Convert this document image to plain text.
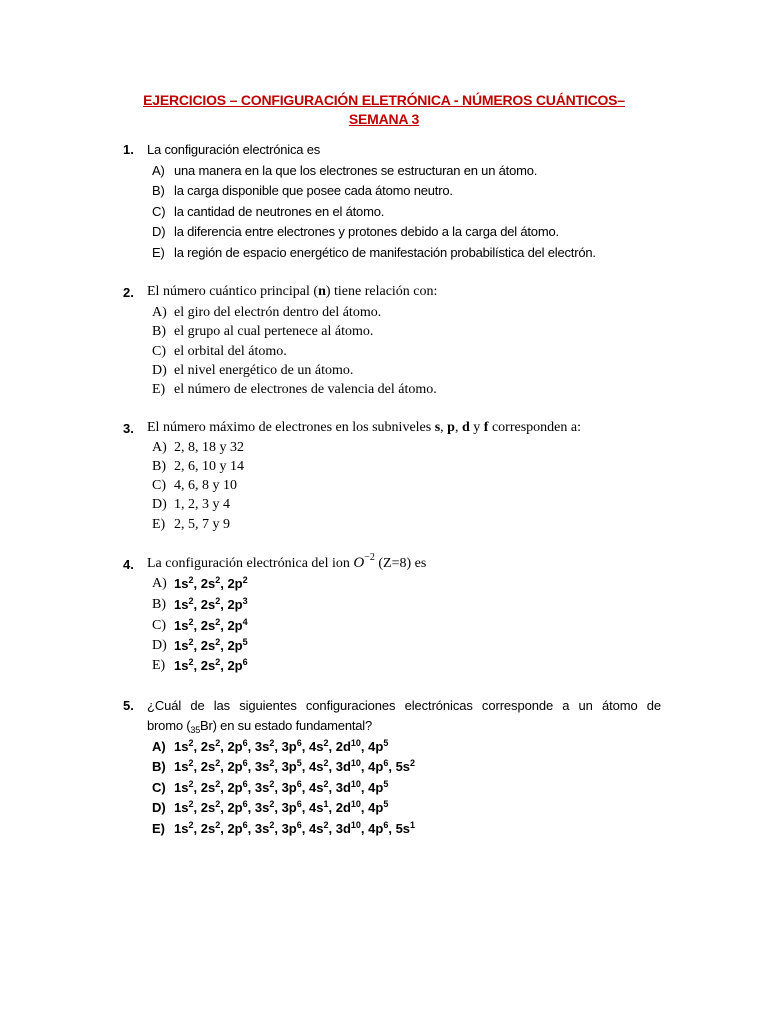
EJERCICIOS – CONFIGURACIÓN ELETRÓNICA - NÚMEROS CUÁNTICOS–
SEMANA 3
1. La configuración electrónica es
A) una manera en la que los electrones se estructuran en un átomo.
B) la carga disponible que posee cada átomo neutro.
C) la cantidad de neutrones en el átomo.
D) la diferencia entre electrones y protones debido a la carga del átomo.
E) la región de espacio energético de manifestación probabilística del electrón.
2. El número cuántico principal (n) tiene relación con:
A) el giro del electrón dentro del átomo.
B) el grupo al cual pertenece al átomo.
C) el orbital del átomo.
D) el nivel energético de un átomo.
E) el número de electrones de valencia del átomo.
3. El número máximo de electrones en los subniveles s, p, d y f corresponden a:
A) 2, 8, 18 y 32
B) 2, 6, 10 y 14
C) 4, 6, 8 y 10
D) 1, 2, 3 y 4
E) 2, 5, 7 y 9
4. La configuración electrónica del ion $O^{-2}$ (Z=8) es
A) $1s^2$, $2s^2$, $2p^2$
B) $1s^2$, $2s^2$, $2p^3$
C) $1s^2$, $2s^2$, $2p^4$
D) $1s^2$, $2s^2$, $2p^5$
E) $1s^2$, $2s^2$, $2p^6$
5. ¿Cuál de las siguientes configuraciones electrónicas corresponde a un átomo de
bromo $(_{35}Br)$ en su estado fundamental?
A) $1s^2$, $2s^2$, $2p^6$, $3s^2$, $3p^6$, $4s^2$, $2d^{10}$, $4p^5$
B) $1s^2$, $2s^2$, $2p^6$, $3s^2$, $3p^5$, $4s^2$, $3d^{10}$, $4p^6$, $5s^2$
C) $1s^2$, $2s^2$, $2p^6$, $3s^2$, $3p^6$, $4s^2$, $3d^{10}$, $4p^5$
D) $1s^2$, $2s^2$, $2p^6$, $3s^2$, $3p^6$, $4s^1$, $2d^{10}$, $4p^5$
E) $1s^2$, $2s^2$, $2p^6$, $3s^2$, $3p^6$, $4s^2$, $3d^{10}$, $4p^6$, $5s^1$
